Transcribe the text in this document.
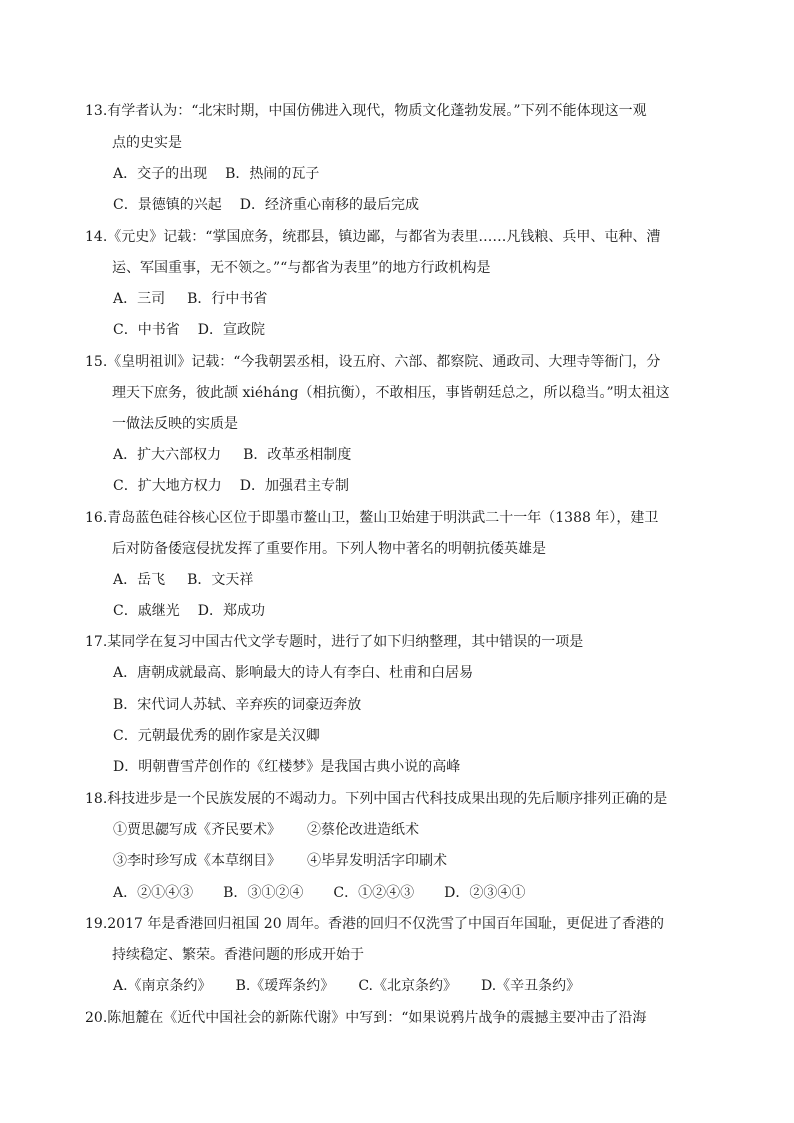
13.有学者认为：“北宋时期，中国仿佛进入现代，物质文化蓬勃发展。”下列不能体现这一观
点的史实是
A．交子的出现 B．热闹的瓦子
C．景德镇的兴起 D．经济重心南移的最后完成
14.《元史》记载：“掌国庶务，统郡县，镇边鄙，与都省为表里……凡钱粮、兵甲、屯种、漕
运、军国重事，无不领之。”“与都省为表里”的地方行政机构是
A．三司 B．行中书省
C．中书省 D．宣政院
15.《皇明祖训》记载：“今我朝罢丞相，设五府、六部、都察院、通政司、大理寺等衙门，分
理天下庶务，彼此颉 xiéháng（相抗衡），不敢相压，事皆朝廷总之，所以稳当。”明太祖这
一做法反映的实质是
A．扩大六部权力 B．改革丞相制度
C．扩大地方权力 D．加强君主专制
16.青岛蓝色硅谷核心区位于即墨市鳌山卫，鳌山卫始建于明洪武二十一年（1388 年），建卫
后对防备倭寇侵扰发挥了重要作用。下列人物中著名的明朝抗倭英雄是
A．岳飞 B．文天祥
C．戚继光 D．郑成功
17.某同学在复习中国古代文学专题时，进行了如下归纳整理，其中错误的一项是
A．唐朝成就最高、影响最大的诗人有李白、杜甫和白居易
B．宋代词人苏轼、辛弃疾的词豪迈奔放
C．元朝最优秀的剧作家是关汉卿
D．明朝曹雪芹创作的《红楼梦》是我国古典小说的高峰
18.科技进步是一个民族发展的不竭动力。下列中国古代科技成果出现的先后顺序排列正确的是
①贾思勰写成《齐民要术》 ②蔡伦改进造纸术
③李时珍写成《本草纲目》 ④毕昇发明活字印刷术
A．②①④③ B．③①②④ C．①②④③ D．②③④①
19.2017 年是香港回归祖国 20 周年。香港的回归不仅洗雪了中国百年国耻，更促进了香港的
持续稳定、繁荣。香港问题的形成开始于
A.《南京条约》 B.《瑷珲条约》 C.《北京条约》 D.《辛丑条约》
20.陈旭麓在《近代中国社会的新陈代谢》中写到：“如果说鸦片战争的震撼主要冲击了沿海
